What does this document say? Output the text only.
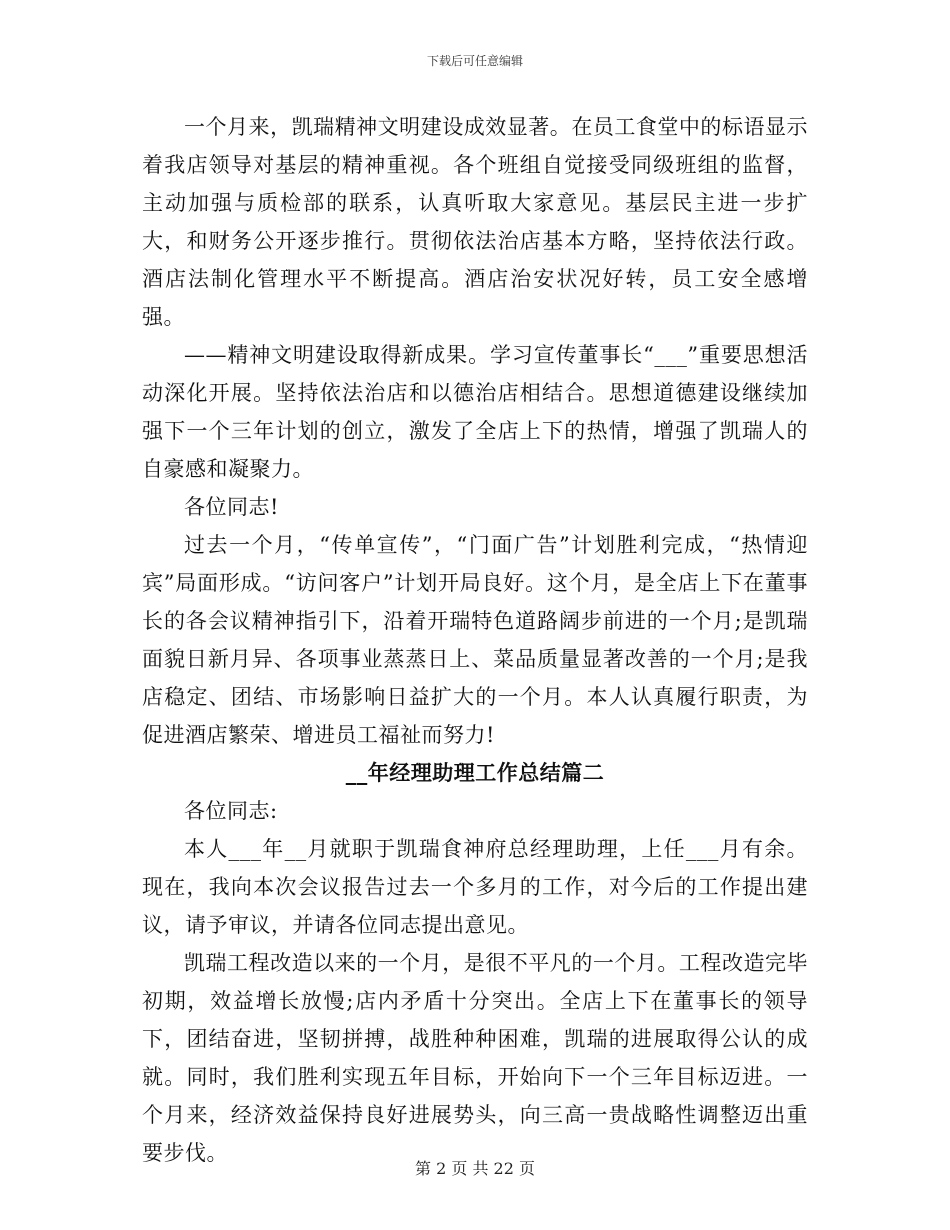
下载后可任意编辑

一个月来，凯瑞精神文明建设成效显著。在员工食堂中的标语显示着我店领导对基层的精神重视。各个班组自觉接受同级班组的监督，主动加强与质检部的联系，认真听取大家意见。基层民主进一步扩大，和财务公开逐步推行。贯彻依法治店基本方略，坚持依法行政。酒店法制化管理水平不断提高。酒店治安状况好转，员工安全感增强。

——精神文明建设取得新成果。学习宣传董事长“___”重要思想活动深化开展。坚持依法治店和以德治店相结合。思想道德建设继续加强下一个三年计划的创立，激发了全店上下的热情，增强了凯瑞人的自豪感和凝聚力。

各位同志!

过去一个月，“传单宣传”，“门面广告”计划胜利完成，“热情迎宾”局面形成。“访问客户”计划开局良好。这个月，是全店上下在董事长的各会议精神指引下，沿着开瑞特色道路阔步前进的一个月;是凯瑞面貌日新月异、各项事业蒸蒸日上、菜品质量显著改善的一个月;是我店稳定、团结、市场影响日益扩大的一个月。本人认真履行职责，为促进酒店繁荣、增进员工福祉而努力!

__年经理助理工作总结篇二

各位同志:

本人___年__月就职于凯瑞食神府总经理助理，上任___月有余。现在，我向本次会议报告过去一个多月的工作，对今后的工作提出建议，请予审议，并请各位同志提出意见。

凯瑞工程改造以来的一个月，是很不平凡的一个月。工程改造完毕初期，效益增长放慢;店内矛盾十分突出。全店上下在董事长的领导下，团结奋进，坚韧拼搏，战胜种种困难，凯瑞的进展取得公认的成就。同时，我们胜利实现五年目标，开始向下一个三年目标迈进。一个月来，经济效益保持良好进展势头，向三高一贵战略性调整迈出重要步伐。

第 2 页 共 22 页
